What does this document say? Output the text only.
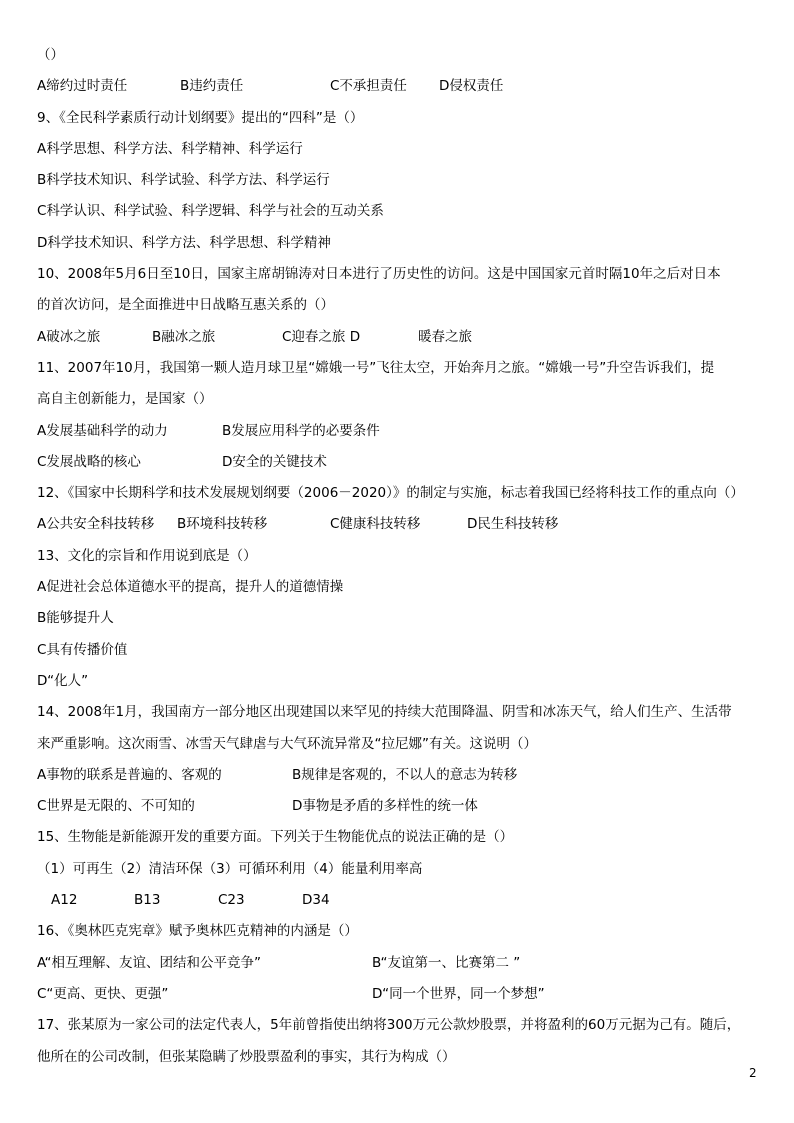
（）
A缔约过时责任	B违约责任	C不承担责任 D侵权责任
9、《全民科学素质行动计划纲要》提出的“四科”是（）
A科学思想、科学方法、科学精神、科学运行
B科学技术知识、科学试验、科学方法、科学运行
C科学认识、科学试验、科学逻辑、科学与社会的互动关系
D科学技术知识、科学方法、科学思想、科学精神
10、2008年5月6日至10日，国家主席胡锦涛对日本进行了历史性的访问。这是中国国家元首时隔10年之后对日本
的首次访问，是全面推进中日战略互惠关系的（）
A破冰之旅	B融冰之旅	C迎春之旅 D	暖春之旅
11、2007年10月，我国第一颗人造月球卫星“嫦娥一号”飞往太空，开始奔月之旅。“嫦娥一号”升空告诉我们，提
高自主创新能力，是国家（）
A发展基础科学的动力	B发展应用科学的必要条件
C发展战略的核心	D安全的关键技术
12、《国家中长期科学和技术发展规划纲要（2006－2020）》的制定与实施，标志着我国已经将科技工作的重点向（）
A公共安全科技转移 B环境科技转移	C健康科技转移	D民生科技转移
13、文化的宗旨和作用说到底是（）
A促进社会总体道德水平的提高，提升人的道德情操
B能够提升人
C具有传播价值
D“化人”
14、2008年1月，我国南方一部分地区出现建国以来罕见的持续大范围降温、阴雪和冰冻天气，给人们生产、生活带
来严重影响。这次雨雪、冰雪天气肆虐与大气环流异常及“拉尼娜”有关。这说明（）
A事物的联系是普遍的、客观的	B规律是客观的，不以人的意志为转移
C世界是无限的、不可知的	D事物是矛盾的多样性的统一体
15、生物能是新能源开发的重要方面。下列关于生物能优点的说法正确的是（）
（1）可再生（2）清洁环保（3）可循环利用（4）能量利用率高
A12	B13	C23	D34
16、《奥林匹克宪章》赋予奥林匹克精神的内涵是（）
A“相互理解、友谊、团结和公平竞争”	B“友谊第一、比赛第二 ”
C“更高、更快、更强”	D“同一个世界，同一个梦想”
17、张某原为一家公司的法定代表人，5年前曾指使出纳将300万元公款炒股票，并将盈利的60万元据为己有。随后，
他所在的公司改制，但张某隐瞒了炒股票盈利的事实，其行为构成（）
2
